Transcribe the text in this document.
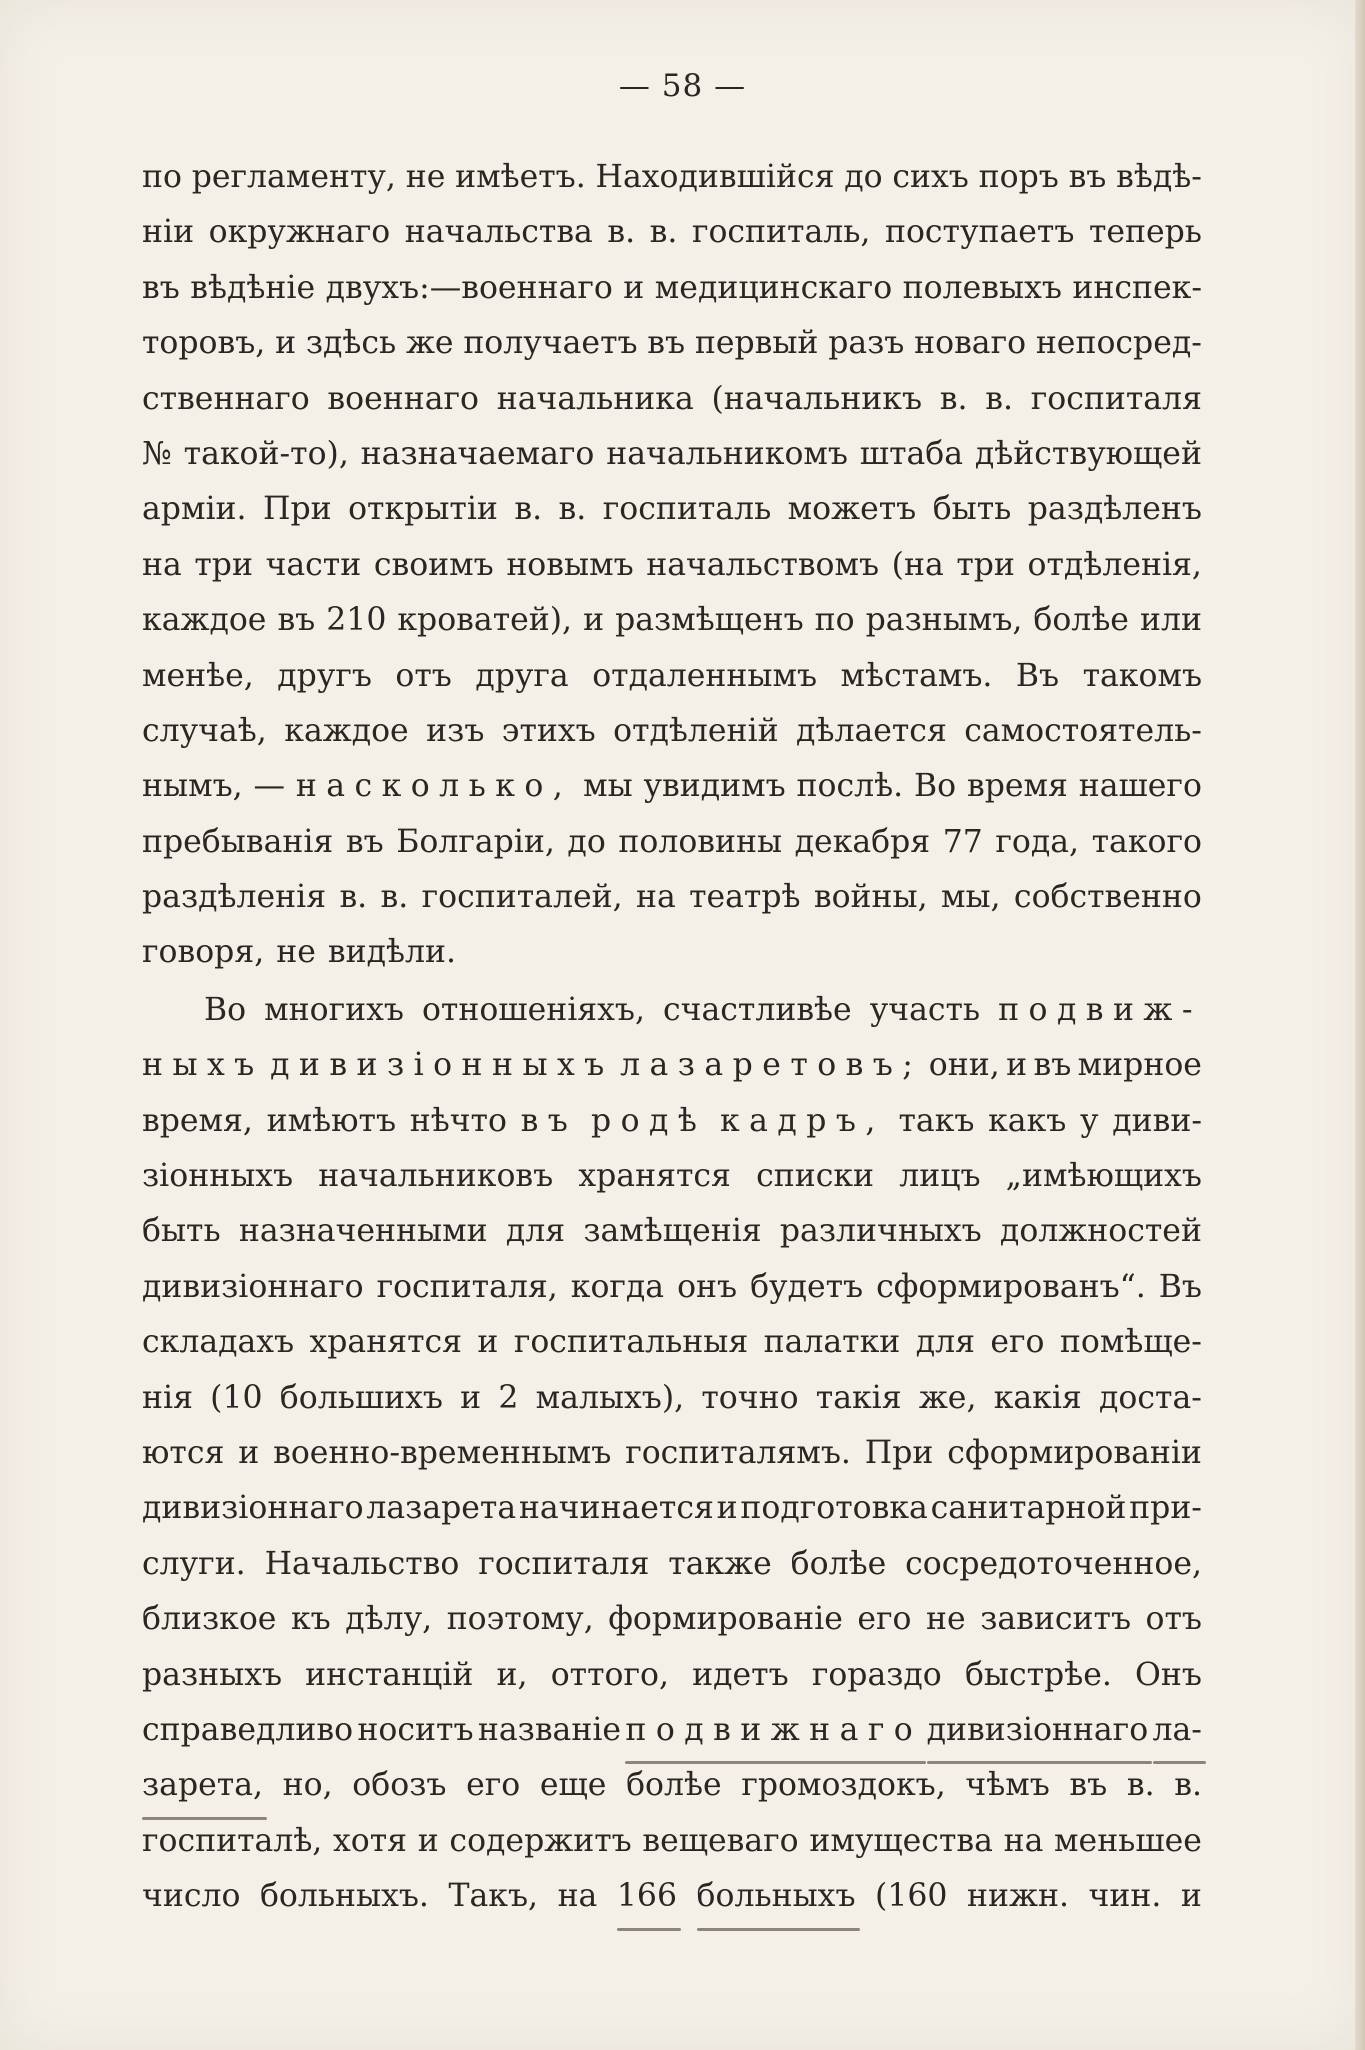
— 58 —
по регламенту, не имѣетъ. Находившійся до сихъ поръ въ вѣдѣ-
нiи окружнаго начальства в. в. госпиталь, поступаетъ теперь
въ вѣдѣнiе двухъ:—военнаго и медицинскаго полевыхъ инспек-
торовъ, и здѣсь же получаетъ въ первый разъ новаго непосред-
ственнаго военнаго начальника (начальникъ в. в. госпиталя
№ такой-то), назначаемаго начальникомъ штаба дѣйствующей
армiи. При открытiи в. в. госпиталь можетъ быть раздѣленъ
на три части своимъ новымъ начальствомъ (на три отдѣленія,
каждое въ 210 кроватей), и размѣщенъ по разнымъ, болѣе или
менѣе, другъ отъ друга отдаленнымъ мѣстамъ. Въ такомъ
случаѣ, каждое изъ этихъ отдѣленій дѣлается самостоятель-
нымъ, — насколько, мы увидимъ послѣ. Во время нашего
пребыванія въ Болгарiи, до половины декабря 77 года, такого
раздѣленія в. в. госпиталей, на театрѣ войны, мы, собственно
говоря, не видѣли.
Во многихъ отношеніяхъ, счастливѣе участь подвиж-
ныхъ дивизіонныхъ лазаретовъ; они, и въ мирное
время, имѣютъ нѣчто въ родѣ кадръ, такъ какъ у диви-
зіонныхъ начальниковъ хранятся списки лицъ „имѣющихъ
быть назначенными для замѣщенія различныхъ должностей
дивизіоннаго госпиталя, когда онъ будетъ сформированъ“. Въ
складахъ хранятся и госпитальныя палатки для его помѣще-
нія (10 большихъ и 2 малыхъ), точно такія же, какія доста-
ются и военно-временнымъ госпиталямъ. При сформированіи
дивизіоннаго лазарета начинается и подготовка санитарной при-
слуги. Начальство госпиталя также болѣе сосредоточенное,
близкое къ дѣлу, поэтому, формированіе его не зависитъ отъ
разныхъ инстанцій и, оттого, идетъ гораздо быстрѣе. Онъ
справедливо носитъ названіе подвижнаго дивизіоннаго ла-
зарета, но, обозъ его еще болѣе громоздокъ, чѣмъ въ в. в.
госпиталѣ, хотя и содержитъ вещеваго имущества на меньшее
число больныхъ. Такъ, на 166 больныхъ (160 нижн. чин. и
